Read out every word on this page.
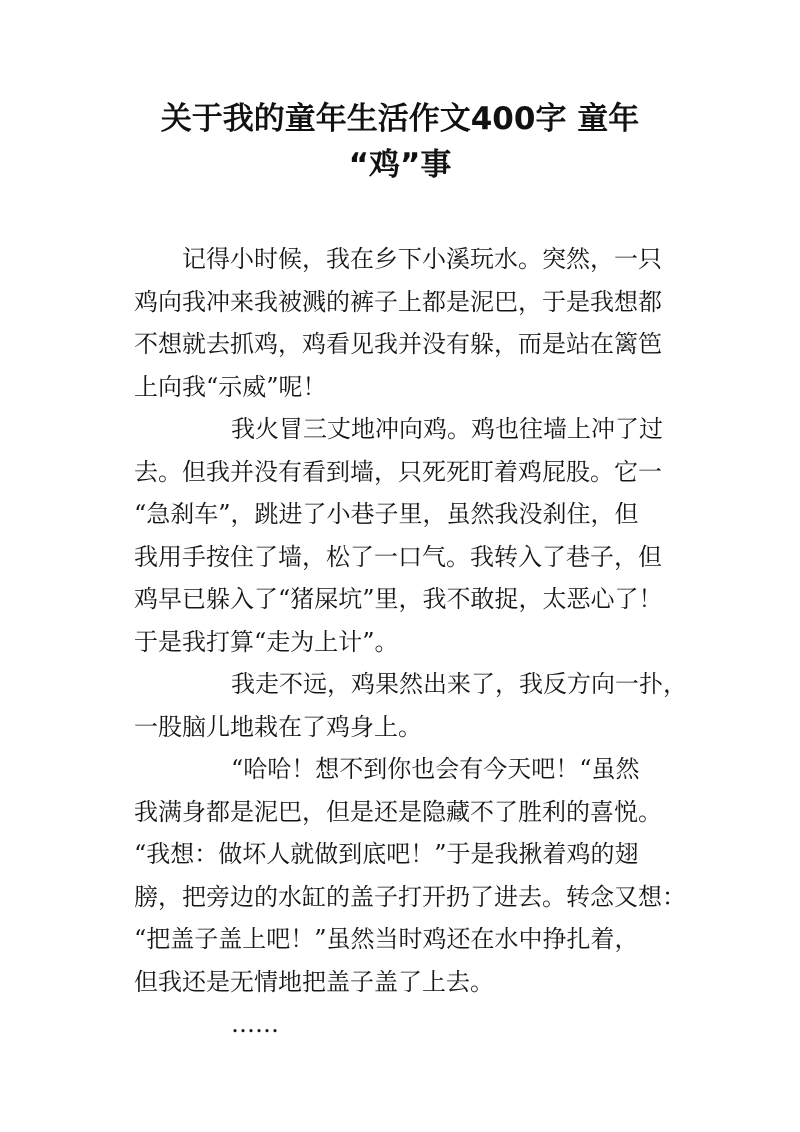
关于我的童年生活作文400字 童年
“鸡”事
记得小时候，我在乡下小溪玩水。突然，一只
鸡向我冲来我被溅的裤子上都是泥巴，于是我想都
不想就去抓鸡，鸡看见我并没有躲，而是站在篱笆
上向我“示威”呢！
我火冒三丈地冲向鸡。鸡也往墙上冲了过
去。但我并没有看到墙，只死死盯着鸡屁股。它一
“急刹车”，跳进了小巷子里，虽然我没刹住，但
我用手按住了墙，松了一口气。我转入了巷子，但
鸡早已躲入了“猪屎坑”里，我不敢捉，太恶心了！
于是我打算“走为上计”。
我走不远，鸡果然出来了，我反方向一扑，
一股脑儿地栽在了鸡身上。
“哈哈！想不到你也会有今天吧！“虽然
我满身都是泥巴，但是还是隐藏不了胜利的喜悦。
“我想：做坏人就做到底吧！”于是我揪着鸡的翅
膀，把旁边的水缸的盖子打开扔了进去。转念又想：
“把盖子盖上吧！”虽然当时鸡还在水中挣扎着，
但我还是无情地把盖子盖了上去。
……
